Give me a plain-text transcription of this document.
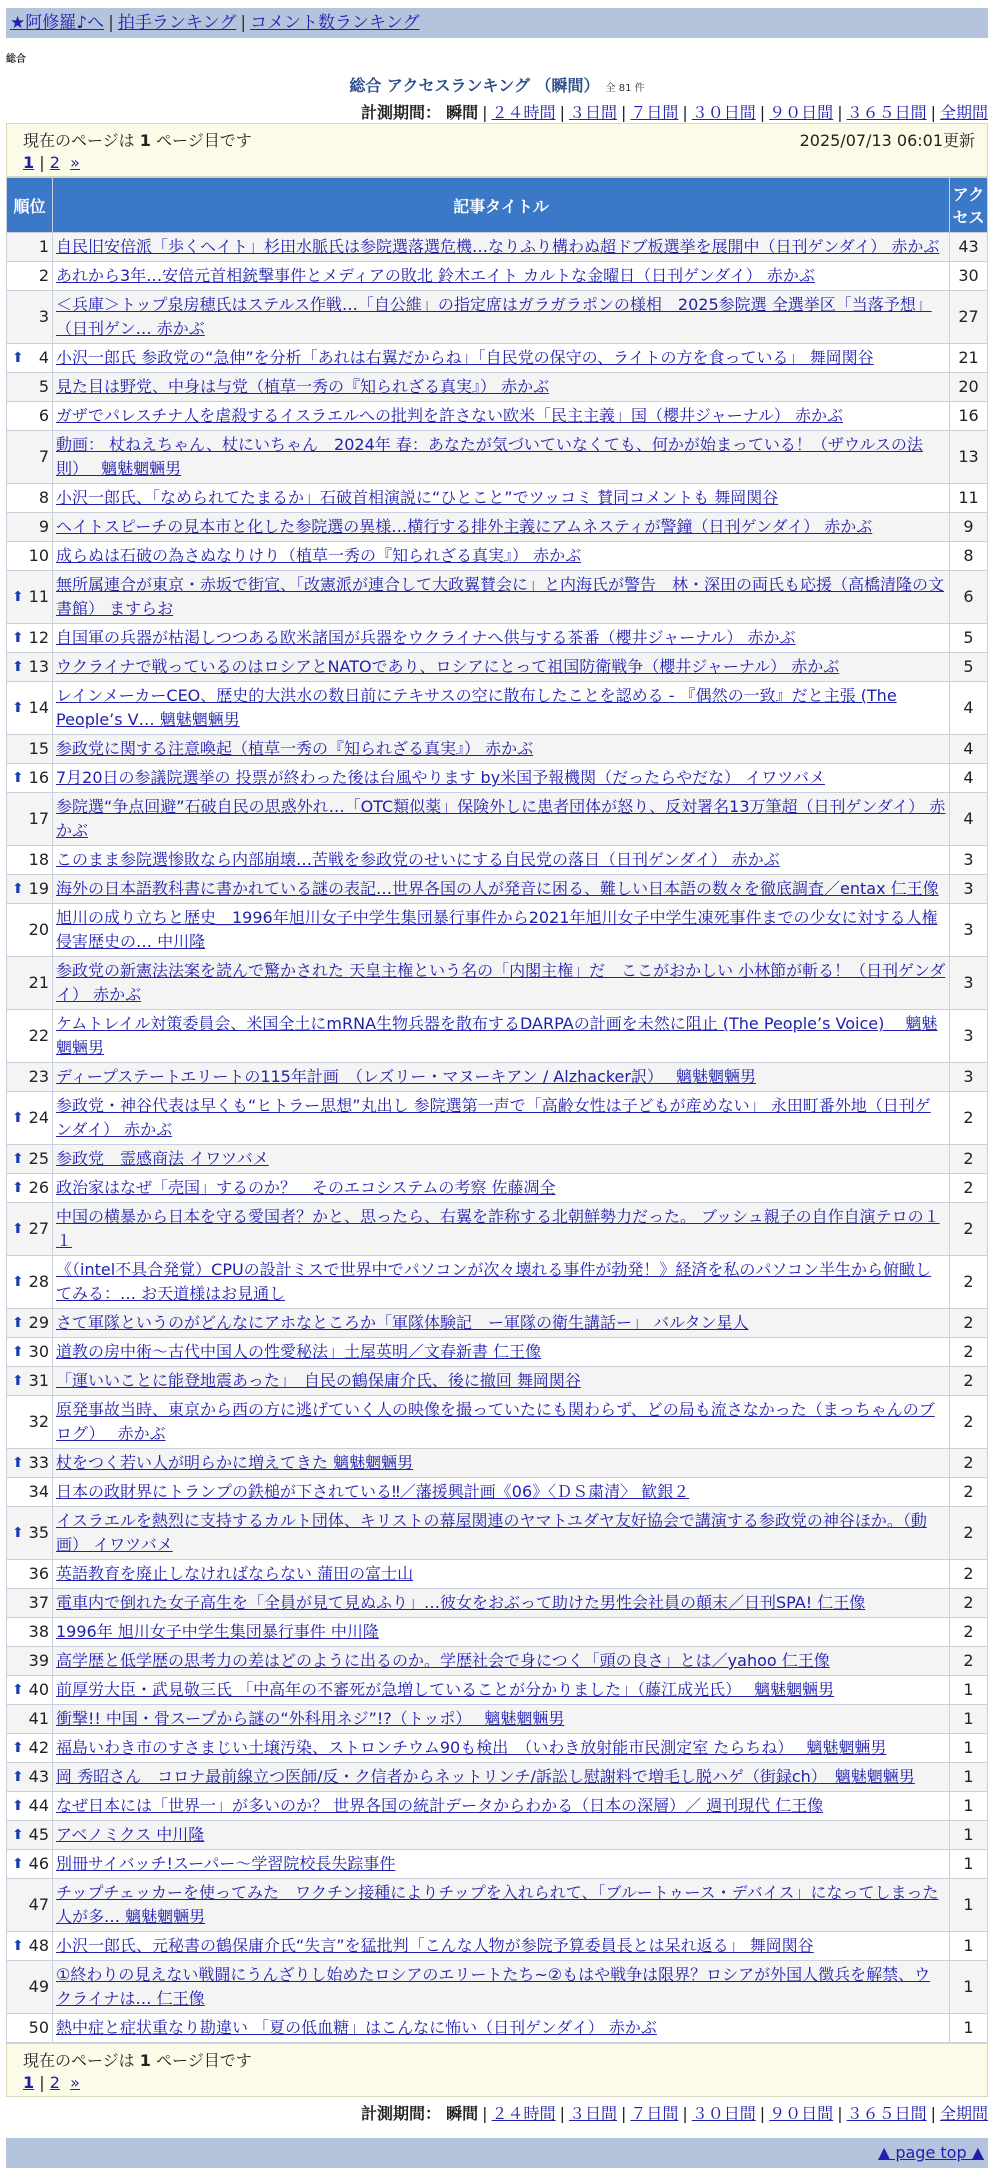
★阿修羅♪へ | 拍手ランキング | コメント数ランキング
総合
総合 アクセスランキング （瞬間） 全 81 件
計測期間： 瞬間 | ２４時間 | ３日間 | ７日間 | ３０日間 | ９０日間 | ３６５日間 | 全期間
現在のページは 1 ページ目です	2025/07/13 06:01更新
1 | 2 »
順位	記事タイトル	アクセス
1	自民旧安倍派「歩くヘイト」杉田水脈氏は参院選落選危機…なりふり構わぬ超ドブ板選挙を展開中（日刊ゲンダイ） 赤かぶ	43
2	あれから3年…安倍元首相銃撃事件とメディアの敗北 鈴木エイト カルトな金曜日（日刊ゲンダイ） 赤かぶ	30
3	＜兵庫＞トップ泉房穂氏はステルス作戦…「自公維」の指定席はガラガラポンの様相　2025参院選 全選挙区「当落予想」（日刊ゲン… 赤かぶ	27

⬆ 4	小沢一郎氏 参政党の“急伸”を分析「あれは右翼だからね」「自民党の保守の、ライトの方を食っている」 舞岡関谷	21
5	見た目は野党、中身は与党（植草一秀の『知られざる真実』） 赤かぶ	20
6	ガザでパレスチナ人を虐殺するイスラエルへの批判を許さない欧米「民主主義」国（櫻井ジャーナル） 赤かぶ	16
7	動画： 杖ねえちゃん、杖にいちゃん　2024年 春：あなたが気づいていなくても、何かが始まっている！（ザウルスの法則）　 魑魅魍魎男	13
8	小沢一郎氏、「なめられてたまるか」石破首相演説に“ひとこと”でツッコミ 賛同コメントも 舞岡関谷	11
9	ヘイトスピーチの見本市と化した参院選の異様…横行する排外主義にアムネスティが警鐘（日刊ゲンダイ） 赤かぶ	9
10	成らぬは石破の為さぬなりけり（植草一秀の『知られざる真実』） 赤かぶ	8

⬆ 11	無所属連合が東京・赤坂で街宣、「改憲派が連合して大政翼賛会に」と内海氏が警告　林・深田の両氏も応援（高橋清隆の文書館） ますらお	6

⬆ 12	自国軍の兵器が枯渇しつつある欧米諸国が兵器をウクライナへ供与する茶番（櫻井ジャーナル） 赤かぶ	5

⬆ 13	ウクライナで戦っているのはロシアとNATOであり、ロシアにとって祖国防衛戦争（櫻井ジャーナル） 赤かぶ	5

⬆ 14	レインメーカーCEO、歴史的大洪水の数日前にテキサスの空に散布したことを認める - 『偶然の一致』だと主張 (The People’s V… 魑魅魍魎男	4
15	参政党に関する注意喚起（植草一秀の『知られざる真実』） 赤かぶ	4

⬆ 16	7月20日の参議院選挙の 投票が終わった後は台風やります by米国予報機関（だったらやだな） イワツバメ	4
17	参院選“争点回避”石破自民の思惑外れ…「OTC類似薬」保険外しに患者団体が怒り、反対署名13万筆超（日刊ゲンダイ） 赤かぶ	4
18	このまま参院選惨敗なら内部崩壊…苦戦を参政党のせいにする自民党の落日（日刊ゲンダイ） 赤かぶ	3

⬆ 19	海外の日本語教科書に書かれている謎の表記…世界各国の人が発音に困る、難しい日本語の数々を徹底調査／entax 仁王像	3
20	旭川の成り立ちと歴史＿1996年旭川女子中学生集団暴行事件から2021年旭川女子中学生凍死事件までの少女に対する人権侵害歴史の… 中川隆	3
21	参政党の新憲法法案を読んで驚かされた 天皇主権という名の「内閣主権」だ　ここがおかしい 小林節が斬る！（日刊ゲンダイ） 赤かぶ	3
22	ケムトレイル対策委員会、米国全土にmRNA生物兵器を散布するDARPAの計画を未然に阻止 (The People’s Voice)　 魑魅魍魎男	3
23	ディープステートエリートの115年計画　（レズリー・マヌーキアン / Alzhacker訳）　 魑魅魍魎男	3

⬆ 24	参政党・神谷代表は早くも“ヒトラー思想”丸出し 参院選第一声で「高齢女性は子どもが産めない」 永田町番外地（日刊ゲンダイ） 赤かぶ	2

⬆ 25	参政党　霊感商法 イワツバメ	2

⬆ 26	政治家はなぜ「売国」するのか？　そのエコシステムの考察 佐藤凋全	2

⬆ 27	中国の横暴から日本を守る愛国者？かと、思ったら、右翼を詐称する北朝鮮勢力だった。 ブッシュ親子の自作自演テロの１１	2

⬆ 28	《（intel不具合発覚）CPUの設計ミスで世界中でパソコンが次々壊れる事件が勃発！》経済を私のパソコン半生から俯瞰してみる：… お天道様はお見通し	2

⬆ 29	さて軍隊というのがどんなにアホなところか「軍隊体験記　ー軍隊の衛生講話ー」 バルタン星人	2

⬆ 30	道教の房中術～古代中国人の性愛秘法」土屋英明／文春新書 仁王像	2

⬆ 31	「運いいことに能登地震あった」　自民の鶴保庸介氏、後に撤回 舞岡関谷	2
32	原発事故当時、東京から西の方に逃げていく人の映像を撮っていたにも関わらず、どの局も流さなかった（まっちゃんのブログ）　 赤かぶ	2

⬆ 33	杖をつく若い人が明らかに増えてきた 魑魅魍魎男	2
34	日本の政財界にトランプの鉄槌が下されている‼／藩援興計画《06》〈ＤＳ粛清〉 歓銀２	2

⬆ 35	イスラエルを熱烈に支持するカルト団体、キリストの幕屋関連のヤマトユダヤ友好協会で講演する参政党の神谷ほか。（動画） イワツバメ	2
36	英語教育を廃止しなければならない 蒲田の富士山	2
37	電車内で倒れた女子高生を「全員が見て見ぬふり」…彼女をおぶって助けた男性会社員の顛末／日刊SPA! 仁王像	2
38	1996年 旭川女子中学生集団暴行事件 中川隆	2
39	高学歴と低学歴の思考力の差はどのように出るのか。学歴社会で身につく「頭の良さ」とは／yahoo 仁王像	2

⬆ 40	前厚労大臣・武見敬三氏 「中高年の不審死が急増していることが分かりました」（藤江成光氏）　 魑魅魍魎男	1
41	衝撃!! 中国・骨スープから謎の“外科用ネジ”!?（トッポ）　 魑魅魍魎男	1

⬆ 42	福島いわき市のすさまじい土壌汚染、ストロンチウム90も検出　（いわき放射能市民測定室 たらちね）　 魑魅魍魎男	1

⬆ 43	岡 秀昭さん　コロナ最前線立つ医師/反・ク信者からネットリンチ/訴訟し慰謝料で増毛し脱ハゲ（街録ch）　魑魅魍魎男	1

⬆ 44	なぜ日本には「世界一」が多いのか？ 世界各国の統計データからわかる（日本の深層）／ 週刊現代 仁王像	1

⬆ 45	アベノミクス 中川隆	1

⬆ 46	別冊サイバッチ!スーパー～学習院校長失踪事件	1
47	チップチェッカーを使ってみた　ワクチン接種によりチップを入れられて、「ブルートゥース・デバイス」になってしまった人が多… 魑魅魍魎男	1

⬆ 48	小沢一郎氏、元秘書の鶴保庸介氏“失言”を猛批判「こんな人物が参院予算委員長とは呆れ返る」 舞岡関谷	1
49	①終わりの見えない戦闘にうんざりし始めたロシアのエリートたち~②もはや戦争は限界？ロシアが外国人徴兵を解禁、ウクライナは… 仁王像	1
50	熱中症と症状重なり勘違い 「夏の低血糖」はこんなに怖い（日刊ゲンダイ） 赤かぶ	1
現在のページは 1 ページ目です
1 | 2 »
計測期間： 瞬間 | ２４時間 | ３日間 | ７日間 | ３０日間 | ９０日間 | ３６５日間 | 全期間
▲ page top ▲
